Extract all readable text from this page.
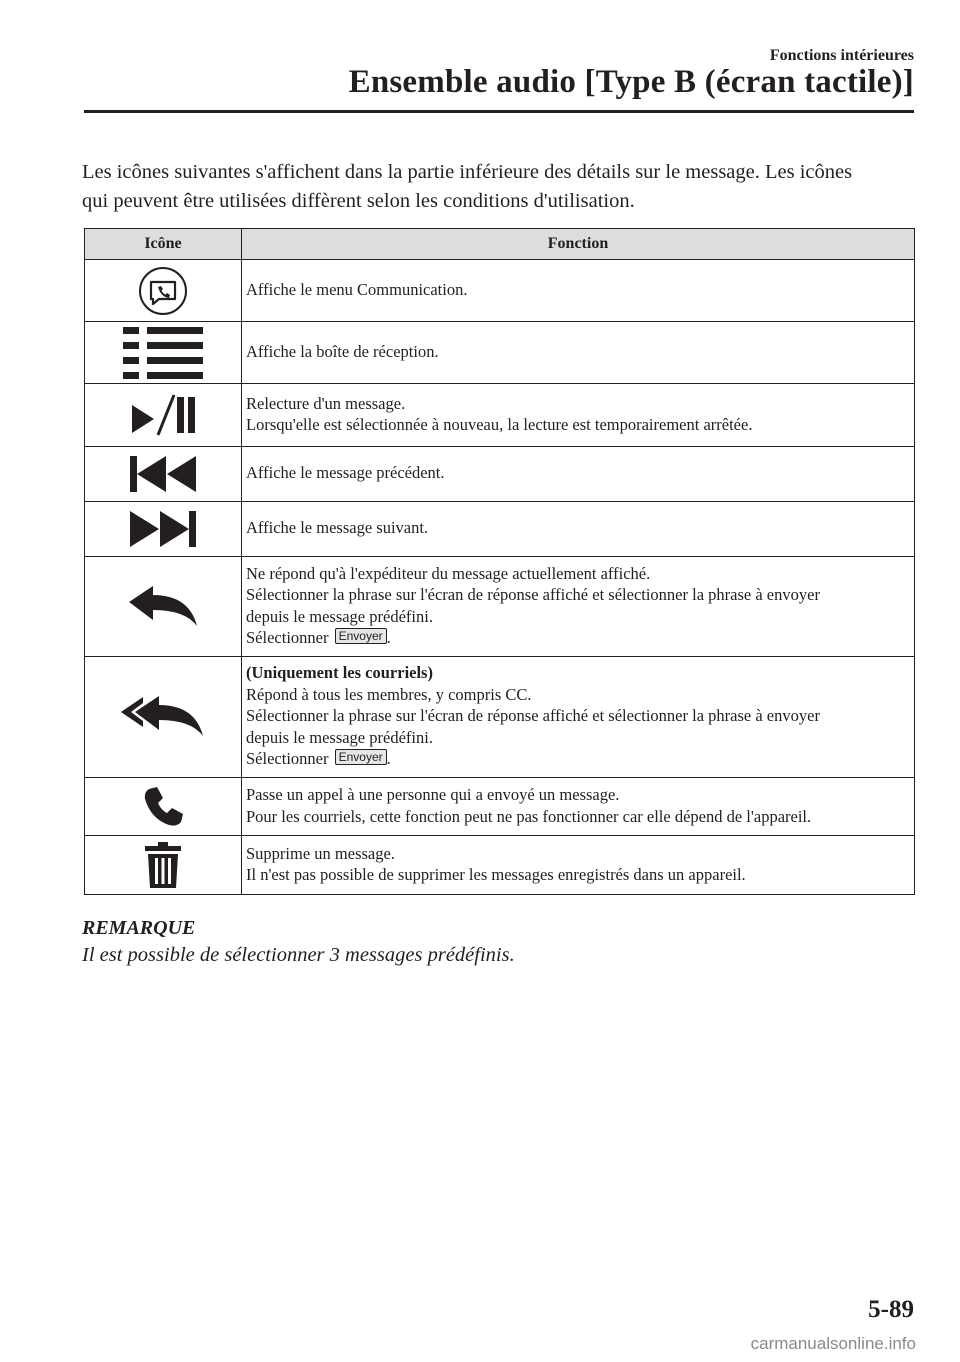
Fonctions intérieures
Ensemble audio [Type B (écran tactile)]
Les icônes suivantes s'affichent dans la partie inférieure des détails sur le message. Les icônes qui peuvent être utilisées diffèrent selon les conditions d'utilisation.
Icône	Fonction

Affiche le menu Communication.

Affiche la boîte de réception.

Relecture d'un message.
Lorsqu'elle est sélectionnée à nouveau, la lecture est temporairement arrêtée.

Affiche le message précédent.

Affiche le message suivant.

Ne répond qu'à l'expéditeur du message actuellement affiché.
Sélectionner la phrase sur l'écran de réponse affiché et sélectionner la phrase à envoyer
depuis le message prédéfini.
Sélectionner Envoyer .

(Uniquement les courriels)
Répond à tous les membres, y compris CC.
Sélectionner la phrase sur l'écran de réponse affiché et sélectionner la phrase à envoyer
depuis le message prédéfini.
Sélectionner Envoyer .

Passe un appel à une personne qui a envoyé un message.
Pour les courriels, cette fonction peut ne pas fonctionner car elle dépend de l'appareil.

Supprime un message.
Il n'est pas possible de supprimer les messages enregistrés dans un appareil.
REMARQUE
Il est possible de sélectionner 3 messages prédéfinis.
5-89
carmanualsonline.info
